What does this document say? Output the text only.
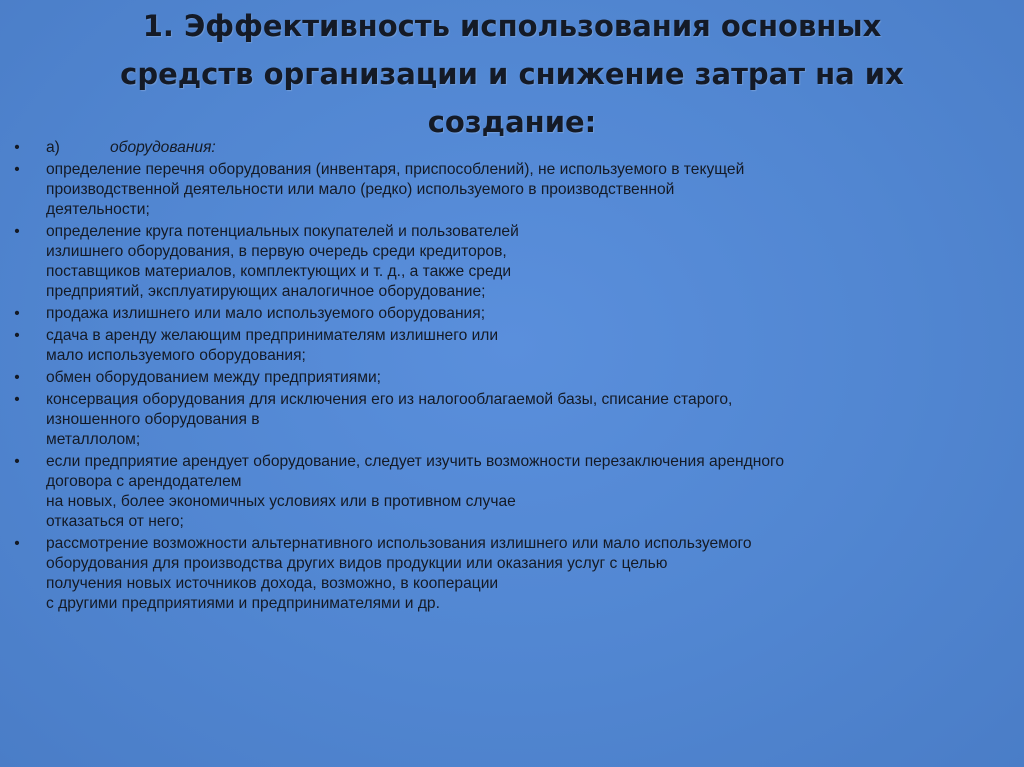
1. Эффективность использования основных
средств организации и снижение затрат на их
создание:
• а)	оборудования:
• определение перечня оборудования (инвентаря, приспособлений), не используемого в текущей
производственной деятельности или мало (редко) используемого в производственной
деятельности;
• определение круга потенциальных покупателей и пользователей
излишнего оборудования, в первую очередь среди кредиторов,
поставщиков материалов, комплектующих и т. д., а также среди
предприятий, эксплуатирующих аналогичное оборудование;
• продажа излишнего или мало используемого оборудования;
• сдача в аренду желающим предпринимателям излишнего или
мало используемого оборудования;
• обмен оборудованием между предприятиями;
• консервация оборудования для исключения его из налогооблагаемой базы, списание старого,
изношенного оборудования в
металлолом;
• если предприятие арендует оборудование, следует изучить возможности перезаключения арендного
договора с арендодателем
на новых, более экономичных условиях или в противном случае
отказаться от него;
• рассмотрение возможности альтернативного использования излишнего или мало используемого
оборудования для производства других видов продукции или оказания услуг с целью
получения новых источников дохода, возможно, в кооперации
с другими предприятиями и предпринимателями и др.
